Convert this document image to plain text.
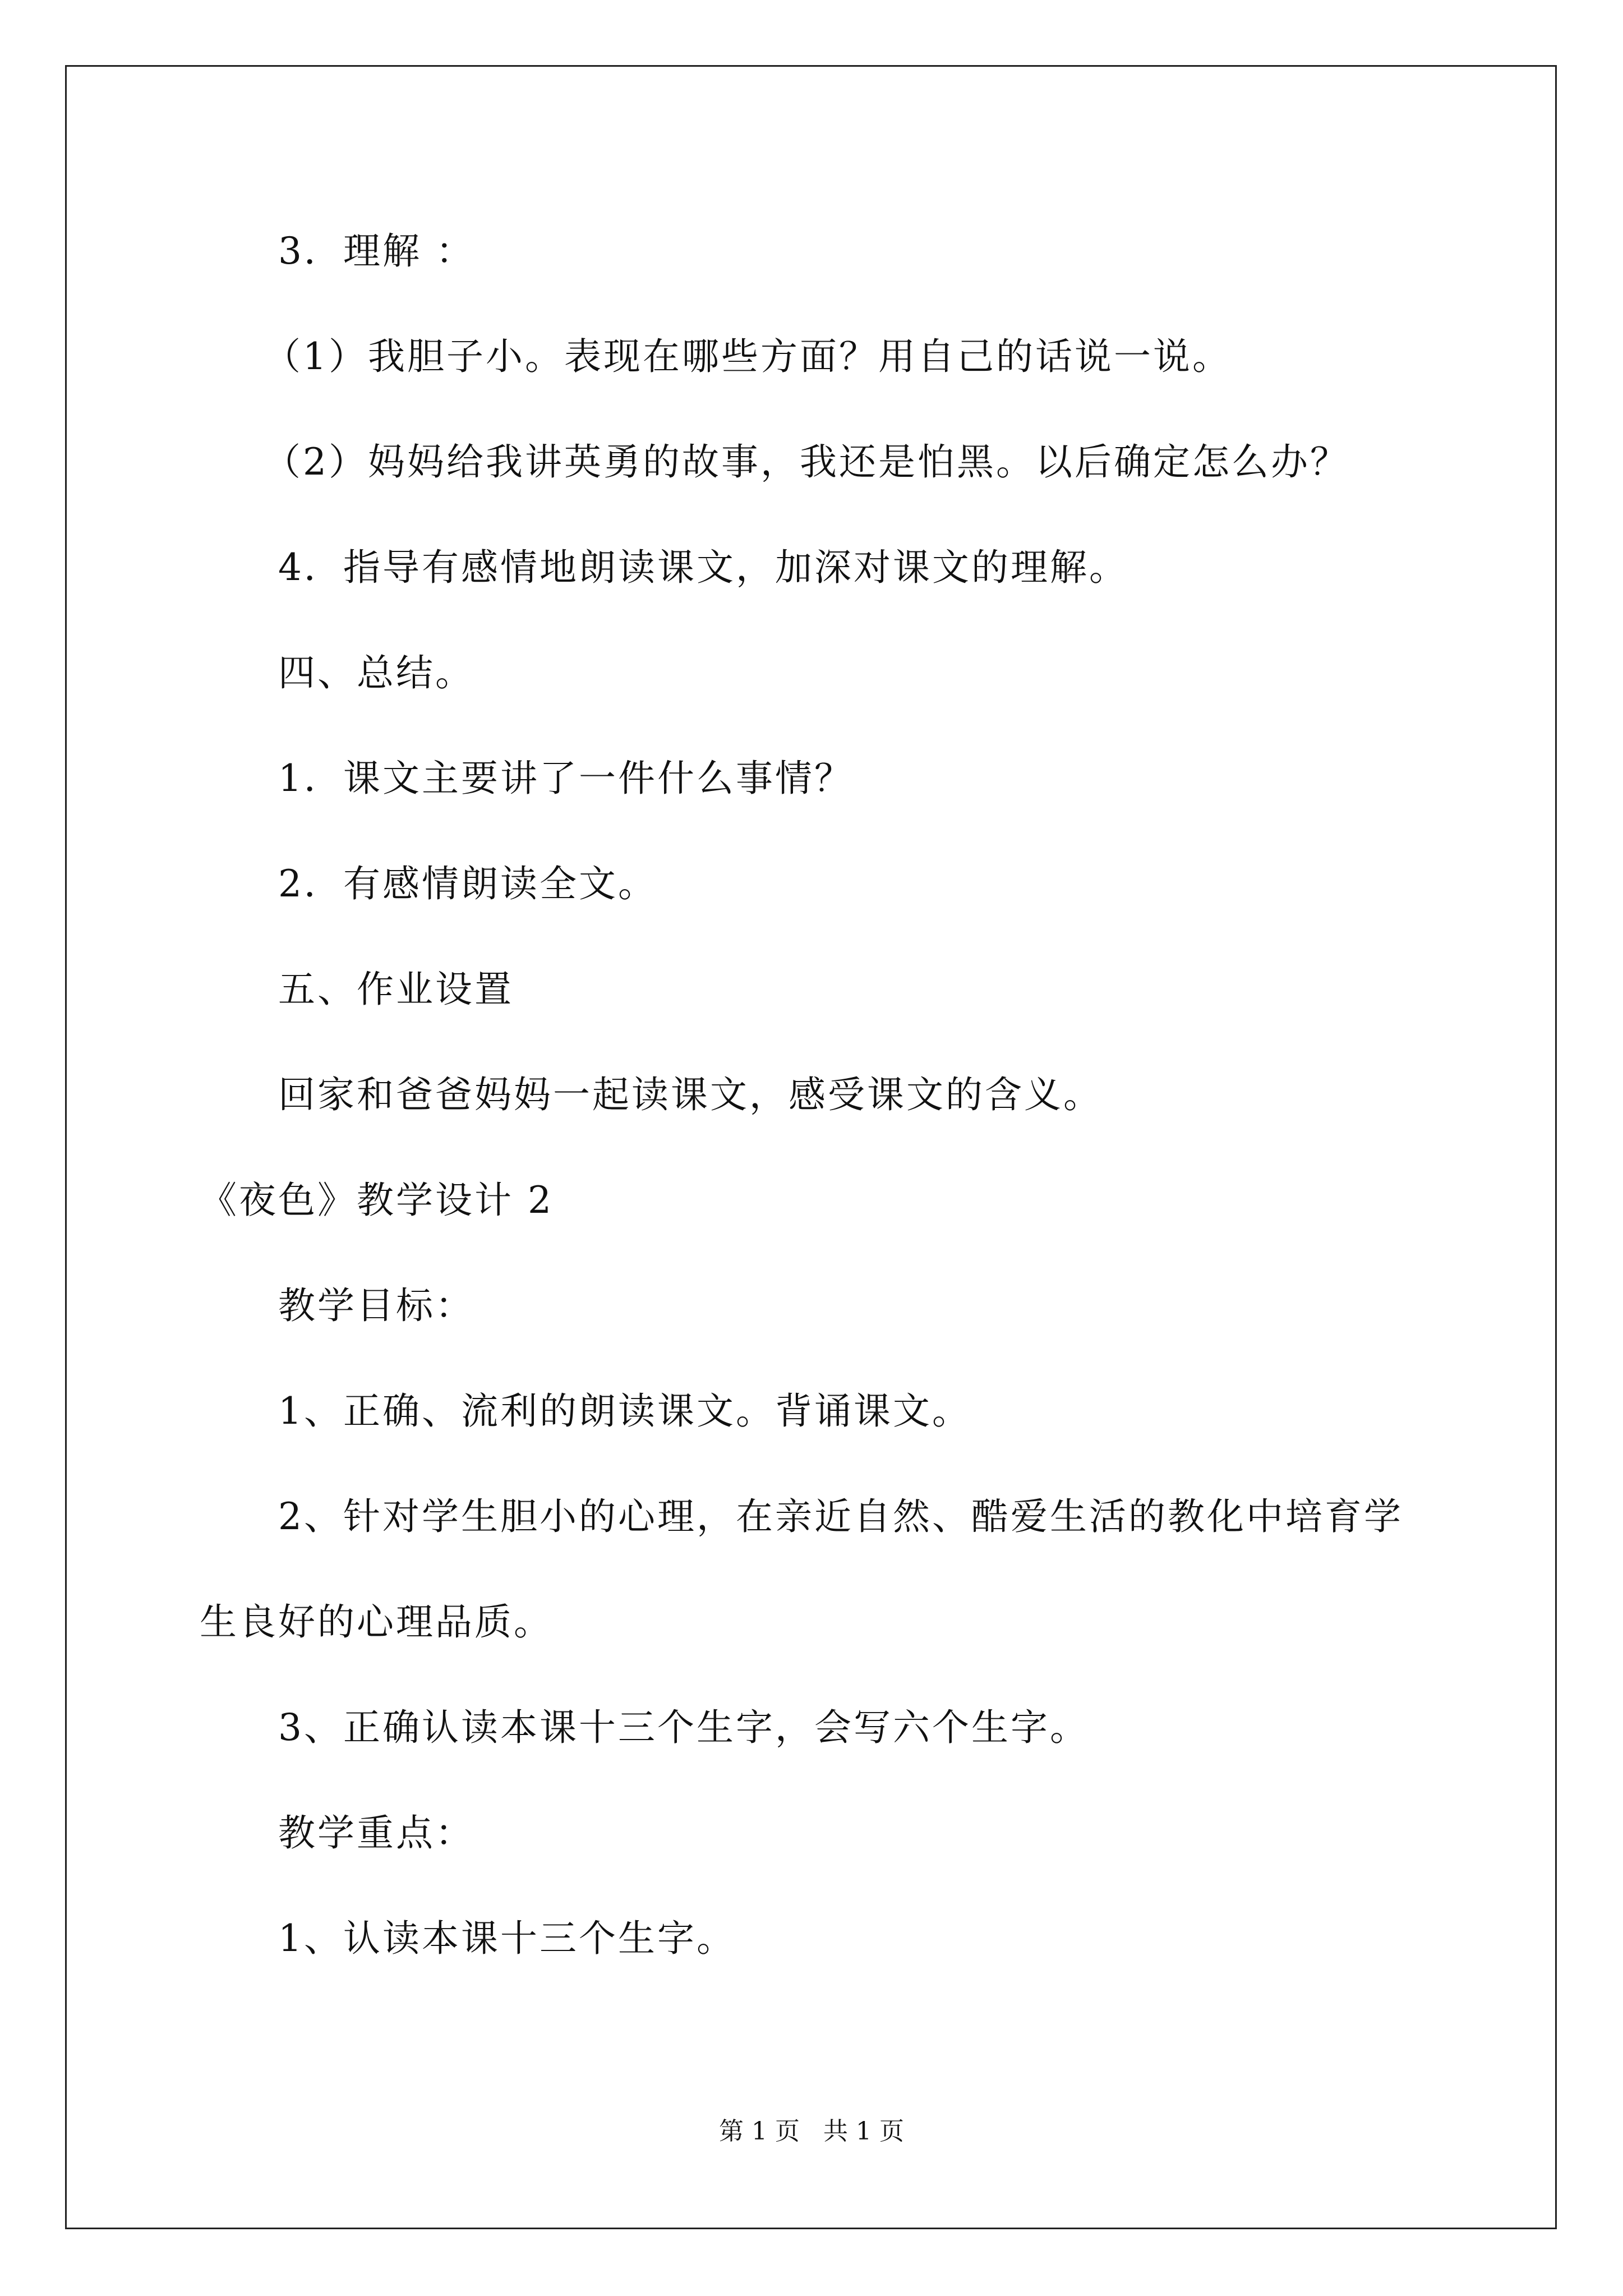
3．理解 ：
（1）我胆子小。表现在哪些方面？用自己的话说一说。
（2）妈妈给我讲英勇的故事，我还是怕黑。以后确定怎么办？
4．指导有感情地朗读课文，加深对课文的理解。
四、总结。
1．课文主要讲了一件什么事情？
2．有感情朗读全文。
五、作业设置
回家和爸爸妈妈一起读课文，感受课文的含义。
《夜色》教学设计 2
教学目标：
1、正确、流利的朗读课文。背诵课文。
2、针对学生胆小的心理，在亲近自然、酷爱生活的教化中培育学
生良好的心理品质。
3、正确认读本课十三个生字，会写六个生字。
教学重点：
1、认读本课十三个生字。
第 1 页 共 1 页
